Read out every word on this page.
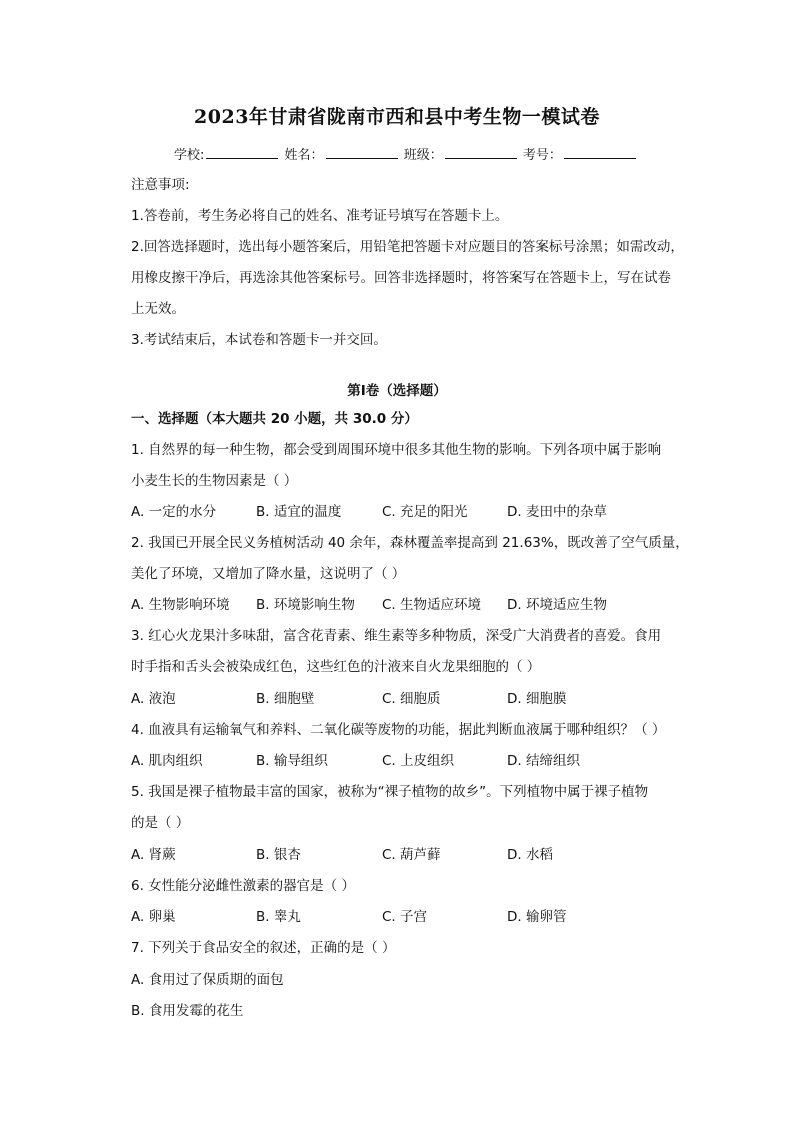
2023年甘肃省陇南市西和县中考生物一模试卷
学校:	姓名：	班级：	考号：
注意事项:
1.答卷前，考生务必将自己的姓名、准考证号填写在答题卡上。
2.回答选择题时，选出每小题答案后，用铅笔把答题卡对应题目的答案标号涂黑；如需改动，
用橡皮擦干净后，再选涂其他答案标号。回答非选择题时，将答案写在答题卡上，写在试卷
上无效。
3.考试结束后，本试卷和答题卡一并交回。
第I卷（选择题）
一、选择题（本大题共 20 小题，共 30.0 分）
1. 自然界的每一种生物，都会受到周围环境中很多其他生物的影响。下列各项中属于影响
小麦生长的生物因素是（ ）
A. 一定的水分	B. 适宜的温度	C. 充足的阳光	D. 麦田中的杂草
2. 我国已开展全民义务植树活动 40 余年，森林覆盖率提高到 21.63%，既改善了空气质量，
美化了环境，又增加了降水量，这说明了（ ）
A. 生物影响环境 B. 环境影响生物 C. 生物适应环境 D. 环境适应生物
3. 红心火龙果汁多味甜，富含花青素、维生素等多种物质，深受广大消费者的喜爱。食用
时手指和舌头会被染成红色，这些红色的汁液来自火龙果细胞的（ ）
A. 液泡	B. 细胞壁	C. 细胞质	D. 细胞膜
4. 血液具有运输氧气和养料、二氧化碳等废物的功能，据此判断血液属于哪种组织？（ ）
A. 肌肉组织	B. 输导组织	C. 上皮组织	D. 结缔组织
5. 我国是裸子植物最丰富的国家，被称为“裸子植物的故乡”。下列植物中属于裸子植物
的是（ ）
A. 肾蕨	B. 银杏	C. 葫芦藓	D. 水稻
6. 女性能分泌雌性激素的器官是（ ）
A. 卵巢	B. 睾丸	C. 子宫	D. 输卵管
7. 下列关于食品安全的叙述，正确的是（ ）
A. 食用过了保质期的面包
B. 食用发霉的花生
